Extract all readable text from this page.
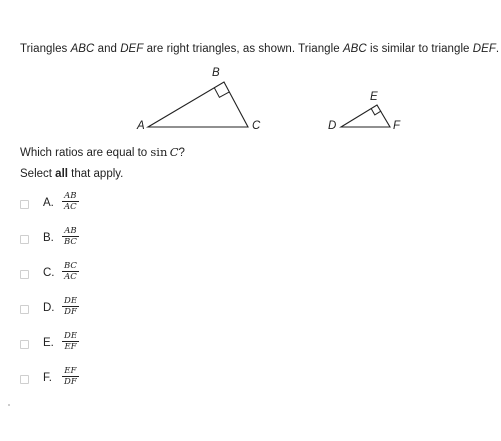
Triangles ABC and DEF are right triangles, as shown. Triangle ABC is similar to triangle DEF.
A
B
C	D
E
F
Which ratios are equal to sin  C?
Select all that apply.
A.
AB
AC
B.
AB
BC
C.
BC
AC
D.
DE
DF
E.
DE
EF
F.
EF
DF
